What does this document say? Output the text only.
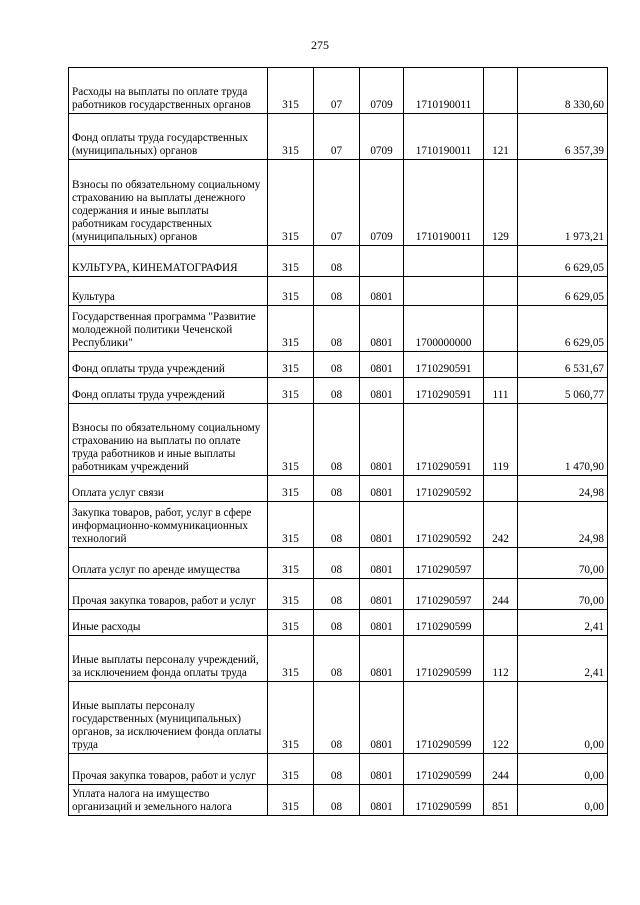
275
Расходы на выплаты по оплате труда работников государственных органов	315	07	0709	1710190011		8 330,60
Фонд оплаты труда государственных (муниципальных) органов	315	07	0709	1710190011	121	6 357,39
Взносы по обязательному социальному страхованию на выплаты денежного содержания и иные выплаты работникам государственных (муниципальных) органов	315	07	0709	1710190011	129	1 973,21
КУЛЬТУРА, КИНЕМАТОГРАФИЯ	315	08				6 629,05
Культура	315	08	0801			6 629,05
Государственная программа "Развитие молодежной политики Чеченской Республики"	315	08	0801	1700000000		6 629,05
Фонд оплаты труда учреждений	315	08	0801	1710290591		6 531,67
Фонд оплаты труда учреждений	315	08	0801	1710290591	111	5 060,77
Взносы по обязательному социальному страхованию на выплаты по оплате труда работников и иные выплаты работникам учреждений	315	08	0801	1710290591	119	1 470,90
Оплата услуг связи	315	08	0801	1710290592		24,98
Закупка товаров, работ, услуг в сфере информационно-коммуникационных технологий	315	08	0801	1710290592	242	24,98
Оплата услуг по аренде имущества	315	08	0801	1710290597		70,00
Прочая закупка товаров, работ и услуг	315	08	0801	1710290597	244	70,00
Иные расходы	315	08	0801	1710290599		2,41
Иные выплаты персоналу учреждений, за исключением фонда оплаты труда	315	08	0801	1710290599	112	2,41
Иные выплаты персоналу государственных (муниципальных) органов, за исключением фонда оплаты труда	315	08	0801	1710290599	122	0,00
Прочая закупка товаров, работ и услуг	315	08	0801	1710290599	244	0,00
Уплата налога на имущество организаций и земельного налога	315	08	0801	1710290599	851	0,00
